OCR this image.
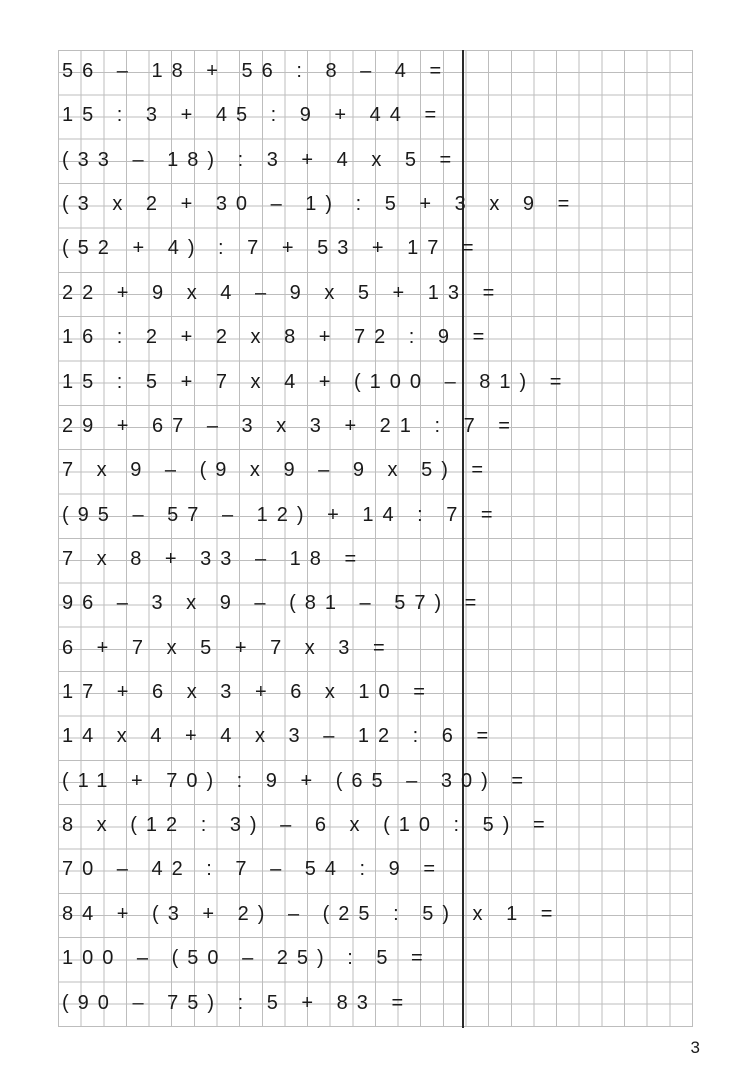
56 – 18 + 56 : 8 – 4 =
15 : 3 + 45 : 9 + 44 =
(33 – 18) : 3 + 4 x 5 =
(3 x 2 + 30 – 1) : 5 + 3 x 9 =
(52 + 4) : 7 + 53 + 17 =
22 + 9 x 4 – 9 x 5 + 13 =
16 : 2 + 2 x 8 + 72 : 9 =
15 : 5 + 7 x 4 + (100 – 81) =
29 + 67 – 3 x 3 + 21 : 7 =
7 x 9 – (9 x 9 – 9 x 5) =
(95 – 57 – 12) + 14 : 7 =
7 x 8 + 33 – 18 =
96 – 3 x 9 – (81 – 57) =
6 + 7 x 5 + 7 x 3 =
17 + 6 x 3 + 6 x 10 =
14 x 4 + 4 x 3 – 12 : 6 =
(11 + 70) : 9 + (65 – 30) =
8 x (12 : 3) – 6 x (10 : 5) =
70 – 42 : 7 – 54 : 9 =
84 + (3 + 2) – (25 : 5) x 1 =
100 – (50 – 25) : 5 =
(90 – 75) : 5 + 83 =
3
